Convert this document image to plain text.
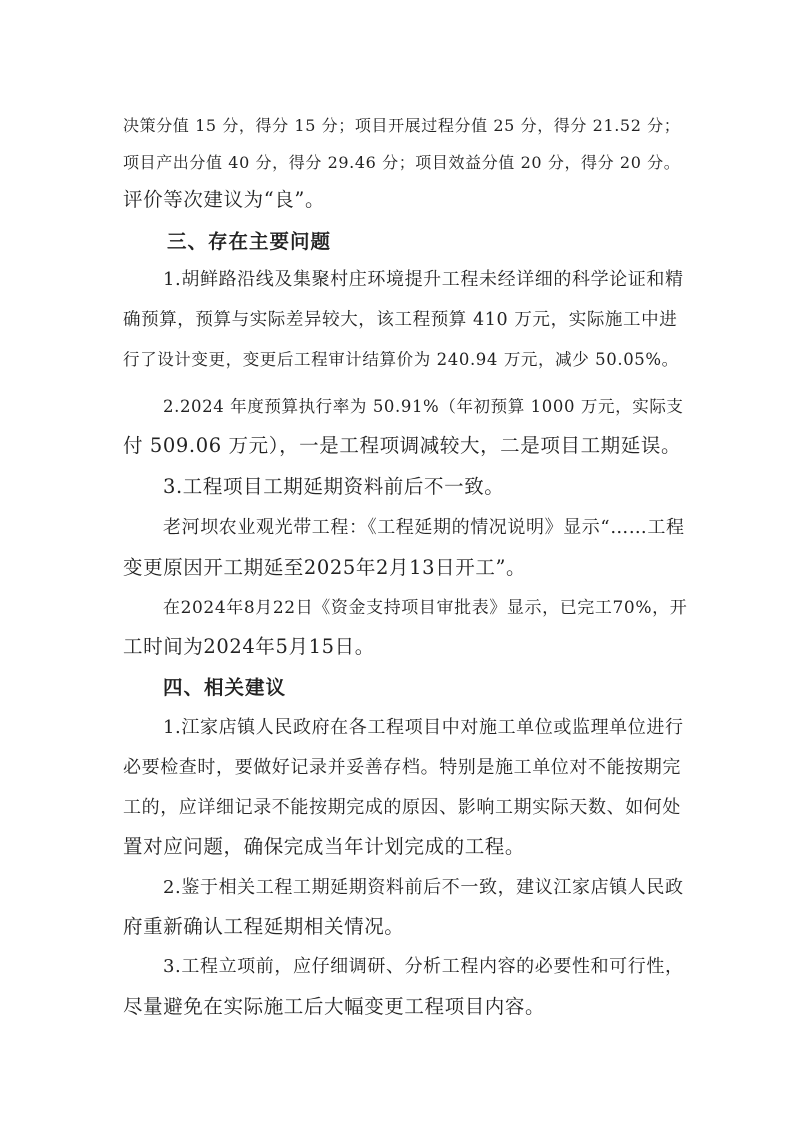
决策分值 15 分，得分 15 分；项目开展过程分值 25 分，得分 21.52 分；
项目产出分值 40 分，得分 29.46 分；项目效益分值 20 分，得分 20 分。
评价等次建议为“良”。
三、存在主要问题
1.胡鲜路沿线及集聚村庄环境提升工程未经详细的科学论证和精
确预算，预算与实际差异较大，该工程预算 410 万元，实际施工中进
行了设计变更，变更后工程审计结算价为 240.94 万元，减少 50.05%。
2.2024 年度预算执行率为 50.91%（年初预算 1000 万元，实际支
付 509.06 万元），一是工程项调减较大，二是项目工期延误。
3.工程项目工期延期资料前后不一致。
老河坝农业观光带工程：《工程延期的情况说明》显示“……工程
变更原因开工期延至2025年2月13日开工”。
在2024年8月22日《资金支持项目审批表》显示，已完工70%，开
工时间为2024年5月15日。
四、相关建议
1.江家店镇人民政府在各工程项目中对施工单位或监理单位进行
必要检查时，要做好记录并妥善存档。特别是施工单位对不能按期完
工的，应详细记录不能按期完成的原因、影响工期实际天数、如何处
置对应问题，确保完成当年计划完成的工程。
2.鉴于相关工程工期延期资料前后不一致，建议江家店镇人民政
府重新确认工程延期相关情况。
3.工程立项前，应仔细调研、分析工程内容的必要性和可行性，
尽量避免在实际施工后大幅变更工程项目内容。
